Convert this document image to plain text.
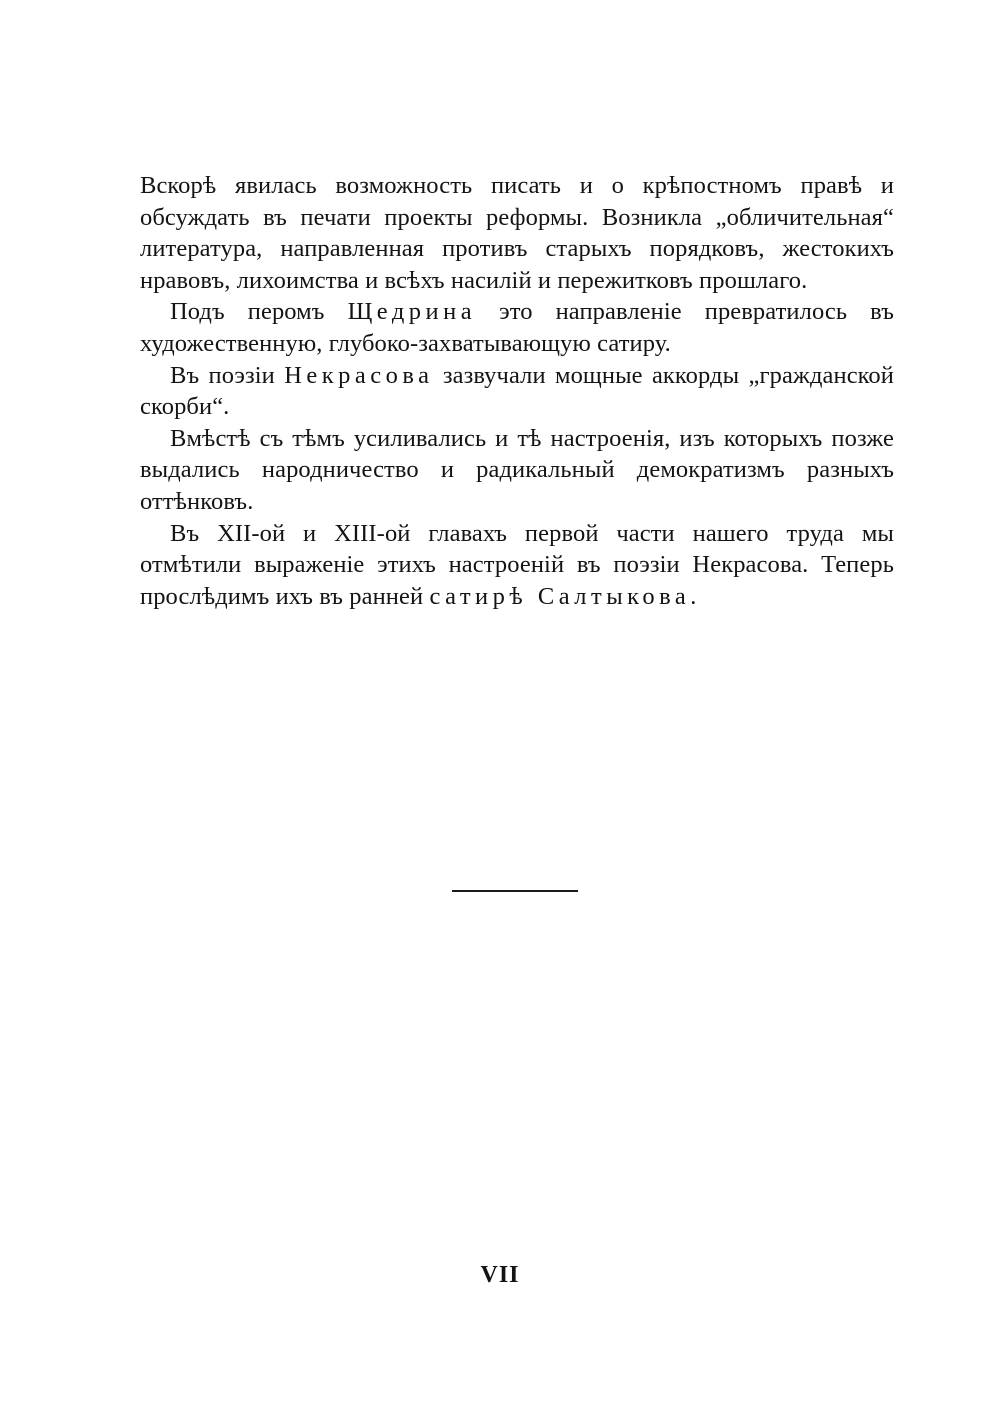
Вскорѣ явилась возможность писать и о крѣпостномъ правѣ и обсуждать въ печати проекты реформы. Возникла „обличительная“ литература, направленная противъ старыхъ порядковъ, жестокихъ нравовъ, лихоимства и всѣхъ насилій и пережитковъ прошлаго.

Подъ перомъ Щедрина это направленіе превратилось въ художественную, глубоко-захватывающую сатиру.

Въ поэзіи Некрасова зазвучали мощные аккорды „гражданской скорби“.

Вмѣстѣ съ тѣмъ усиливались и тѣ настроенія, изъ которыхъ позже выдались народничество и радикальный демократизмъ разныхъ оттѣнковъ.

Въ XII-ой и XIII-ой главахъ первой части нашего труда мы отмѣтили выраженіе этихъ настроеній въ поэзіи Некрасова. Теперь прослѣдимъ ихъ въ ранней сатирѣ Салтыкова.

VII
